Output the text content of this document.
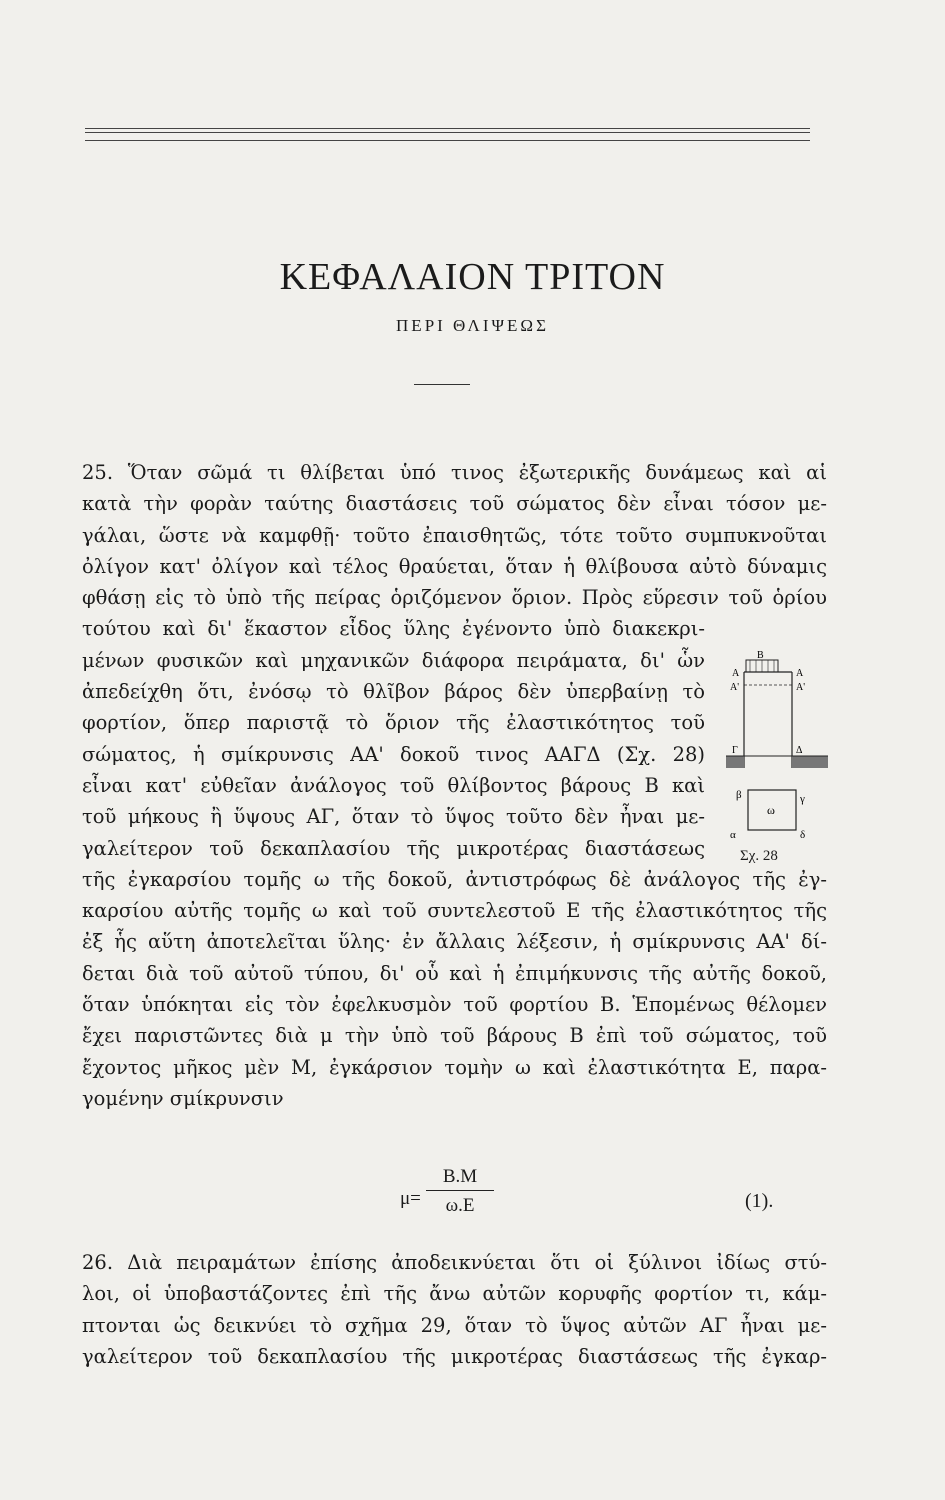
ΚΕΦΑΛΑΙΟΝ ΤΡΙΤΟΝ
ΠΕΡΙ ΘΛΙΨΕΩΣ
25. Ὅταν σῶμά τι θλίβεται ὑπό τινος ἐξωτερικῆς δυνάμεως καὶ αἱ
κατὰ τὴν φορὰν ταύτης διαστάσεις τοῦ σώματος δὲν εἶναι τόσον με-
γάλαι, ὥστε νὰ καμφθῇ· τοῦτο ἐπαισθητῶς, τότε τοῦτο συμπυκνοῦται
ὀλίγον κατ' ὀλίγον καὶ τέλος θραύεται, ὅταν ἡ θλίβουσα αὐτὸ δύναμις
φθάσῃ εἰς τὸ ὑπὸ τῆς πείρας ὁριζόμενον ὅριον. Πρὸς εὕρεσιν τοῦ ὁρίου
τούτου καὶ δι' ἕκαστον εἶδος ὕλης ἐγένοντο ὑπὸ διακεκρι-
μένων φυσικῶν καὶ μηχανικῶν διάφορα πειράματα, δι' ὧν
ἀπεδείχθη ὅτι, ἐνόσῳ τὸ θλῖβον βάρος δὲν ὑπερβαίνῃ τὸ
φορτίον, ὅπερ παριστᾷ τὸ ὅριον τῆς ἐλαστικότητος τοῦ
σώματος, ἡ σμίκρυνσις ΑΑ' δοκοῦ τινος ΑΑΓΔ (Σχ. 28)
εἶναι κατ' εὐθεῖαν ἀνάλογος τοῦ θλίβοντος βάρους Β καὶ
τοῦ μήκους ἢ ὕψους ΑΓ, ὅταν τὸ ὕψος τοῦτο δὲν ἦναι με-
γαλείτερον τοῦ δεκαπλασίου τῆς μικροτέρας διαστάσεως
τῆς ἐγκαρσίου τομῆς ω τῆς δοκοῦ, ἀντιστρόφως δὲ ἀνάλογος τῆς ἐγ-
καρσίου αὐτῆς τομῆς ω καὶ τοῦ συντελεστοῦ Ε τῆς ἐλαστικότητος τῆς
ἐξ ἧς αὕτη ἀποτελεῖται ὕλης· ἐν ἄλλαις λέξεσιν, ἡ σμίκρυνσις ΑΑ' δί-
δεται διὰ τοῦ αὐτοῦ τύπου, δι' οὗ καὶ ἡ ἐπιμήκυνσις τῆς αὐτῆς δοκοῦ,
ὅταν ὑπόκηται εἰς τὸν ἐφελκυσμὸν τοῦ φορτίου Β. Ἑπομένως θέλομεν
ἔχει παριστῶντες διὰ μ τὴν ὑπὸ τοῦ βάρους Β ἐπὶ τοῦ σώματος, τοῦ
ἔχοντος μῆκος μὲν Μ, ἐγκάρσιον τομὴν ω καὶ ἐλαστικότητα Ε, παρα-
γομένην σμίκρυνσιν
B
A	A
A'	A'
Γ	Δ
β	γ
ω
α	δ
Σχ. 28
$\mu= \frac{B.M}{\omega.E}$	(1).
26. Διὰ πειραμάτων ἐπίσης ἀποδεικνύεται ὅτι οἱ ξύλινοι ἰδίως στύ-
λοι, οἱ ὑποβαστάζοντες ἐπὶ τῆς ἄνω αὐτῶν κορυφῆς φορτίον τι, κάμ-
πτονται ὡς δεικνύει τὸ σχῆμα 29, ὅταν τὸ ὕψος αὐτῶν ΑΓ ἦναι με-
γαλείτερον τοῦ δεκαπλασίου τῆς μικροτέρας διαστάσεως τῆς ἐγκαρ-
